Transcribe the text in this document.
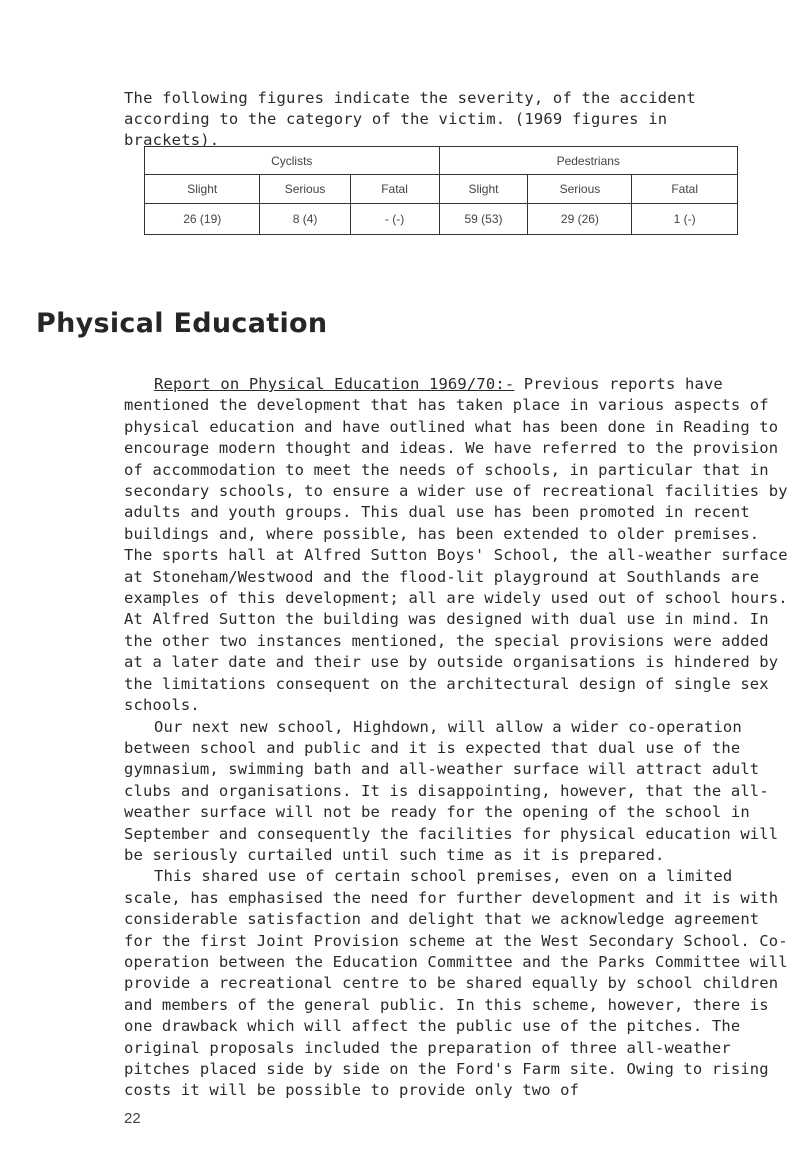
The following figures indicate the severity, of the accident according to the category of the victim. (1969 figures in brackets).

Cyclists			Pedestrians		
Slight	Serious	Fatal	Slight	Serious	Fatal
26 (19)	8 (4)	- (-)	59 (53)	29 (26)	1 (-)
Physical Education

Report on Physical Education 1969/70:- Previous reports have mentioned the development that has taken place in various aspects of physical education and have outlined what has been done in Reading to encourage modern thought and ideas. We have referred to the provision of accommodation to meet the needs of schools, in particular that in secondary schools, to ensure a wider use of recreational facilities by adults and youth groups. This dual use has been promoted in recent buildings and, where possible, has been extended to older premises. The sports hall at Alfred Sutton Boys' School, the all-weather surface at Stoneham/Westwood and the flood-lit playground at Southlands are examples of this development; all are widely used out of school hours. At Alfred Sutton the building was designed with dual use in mind. In the other two instances mentioned, the special provisions were added at a later date and their use by outside organisations is hindered by the limitations consequent on the architectural design of single sex schools.

Our next new school, Highdown, will allow a wider co-operation between school and public and it is expected that dual use of the gymnasium, swimming bath and all-weather surface will attract adult clubs and organisations. It is disappointing, however, that the all-weather surface will not be ready for the opening of the school in September and consequently the facilities for physical education will be seriously curtailed until such time as it is prepared.

This shared use of certain school premises, even on a limited scale, has emphasised the need for further development and it is with considerable satisfaction and delight that we acknowledge agreement for the first Joint Provision scheme at the West Secondary School. Co-operation between the Education Committee and the Parks Committee will provide a recreational centre to be shared equally by school children and members of the general public. In this scheme, however, there is one drawback which will affect the public use of the pitches. The original proposals included the preparation of three all-weather pitches placed side by side on the Ford's Farm site. Owing to rising costs it will be possible to provide only two of

22
